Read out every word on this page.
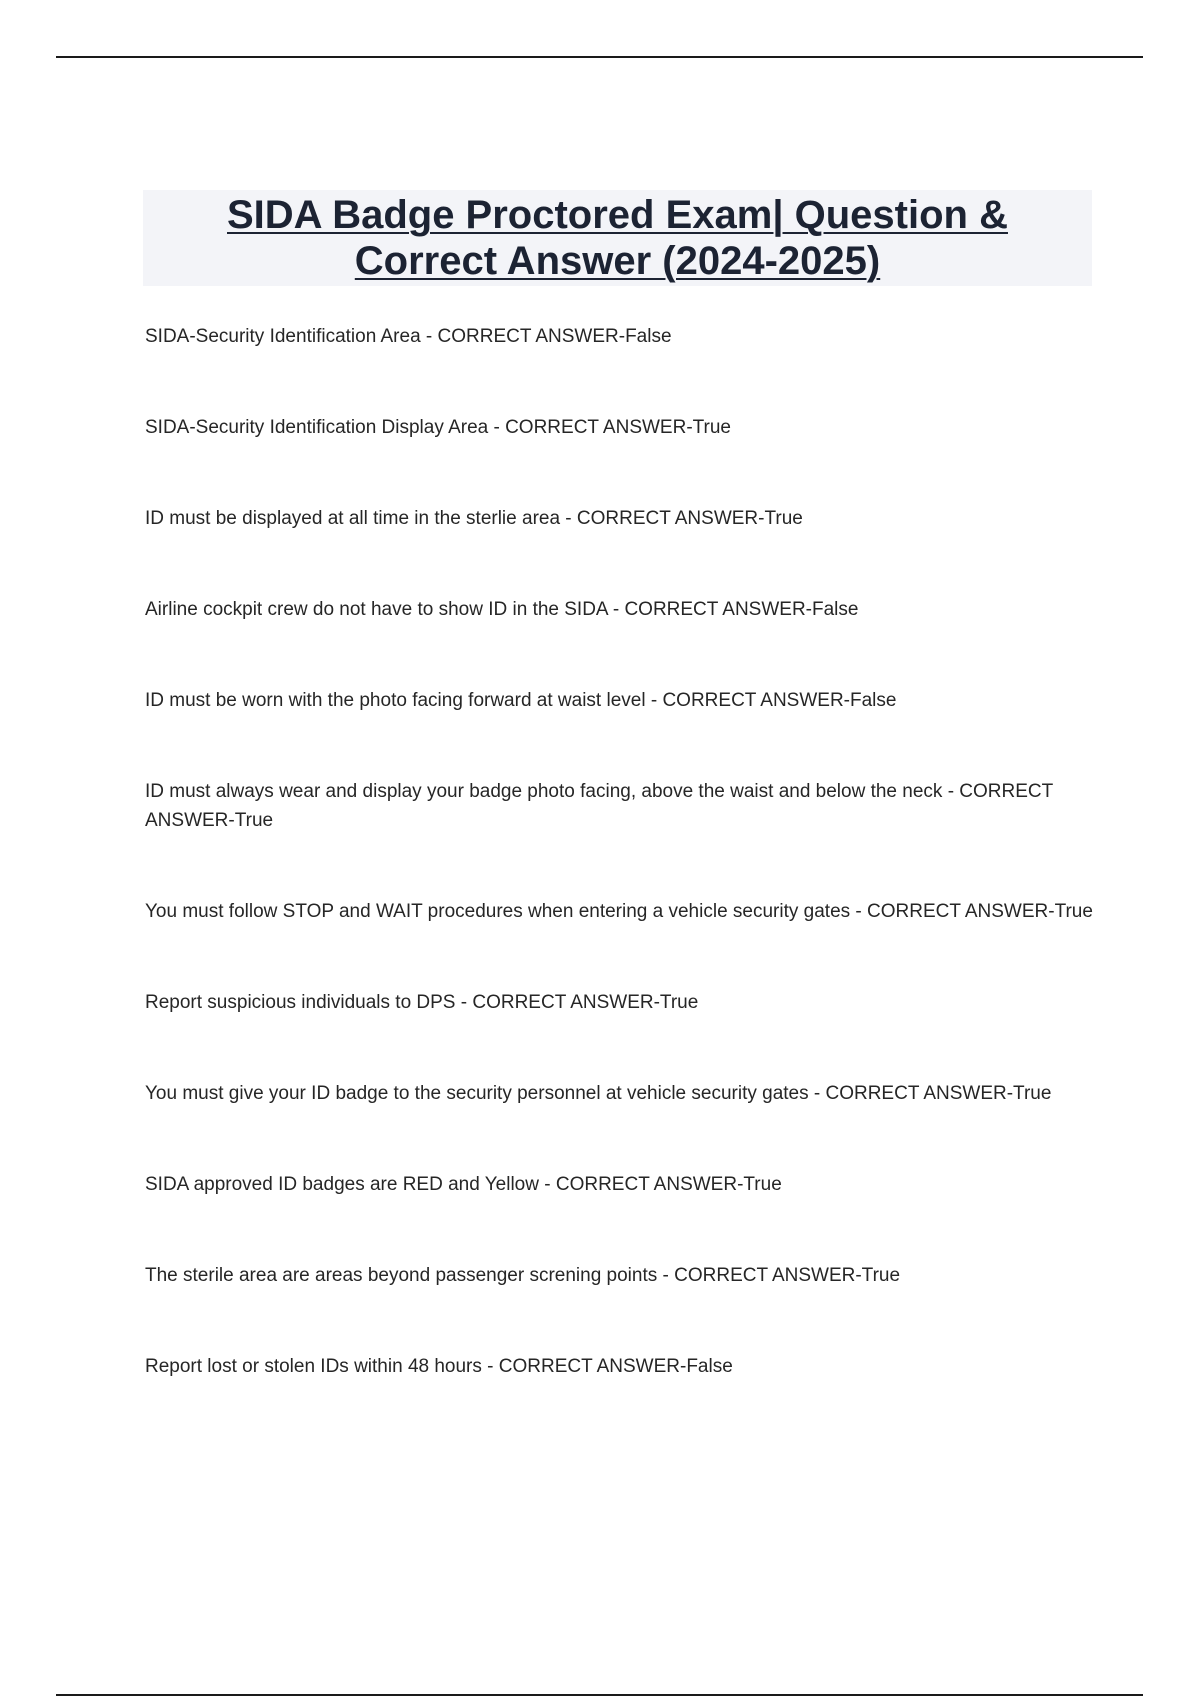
SIDA Badge Proctored Exam| Question &
Correct Answer (2024-2025)
SIDA-Security Identification Area - CORRECT ANSWER-False
SIDA-Security Identification Display Area - CORRECT ANSWER-True
ID must be displayed at all time in the sterlie area - CORRECT ANSWER-True
Airline cockpit crew do not have to show ID in the SIDA - CORRECT ANSWER-False
ID must be worn with the photo facing forward at waist level - CORRECT ANSWER-False
ID must always wear and display your badge photo facing, above the waist and below the neck - CORRECT ANSWER-True
You must follow STOP and WAIT procedures when entering a vehicle security gates - CORRECT ANSWER-True
Report suspicious individuals to DPS - CORRECT ANSWER-True
You must give your ID badge to the security personnel at vehicle security gates - CORRECT ANSWER-True
SIDA approved ID badges are RED and Yellow - CORRECT ANSWER-True
The sterile area are areas beyond passenger screning points - CORRECT ANSWER-True
Report lost or stolen IDs within 48 hours - CORRECT ANSWER-False
